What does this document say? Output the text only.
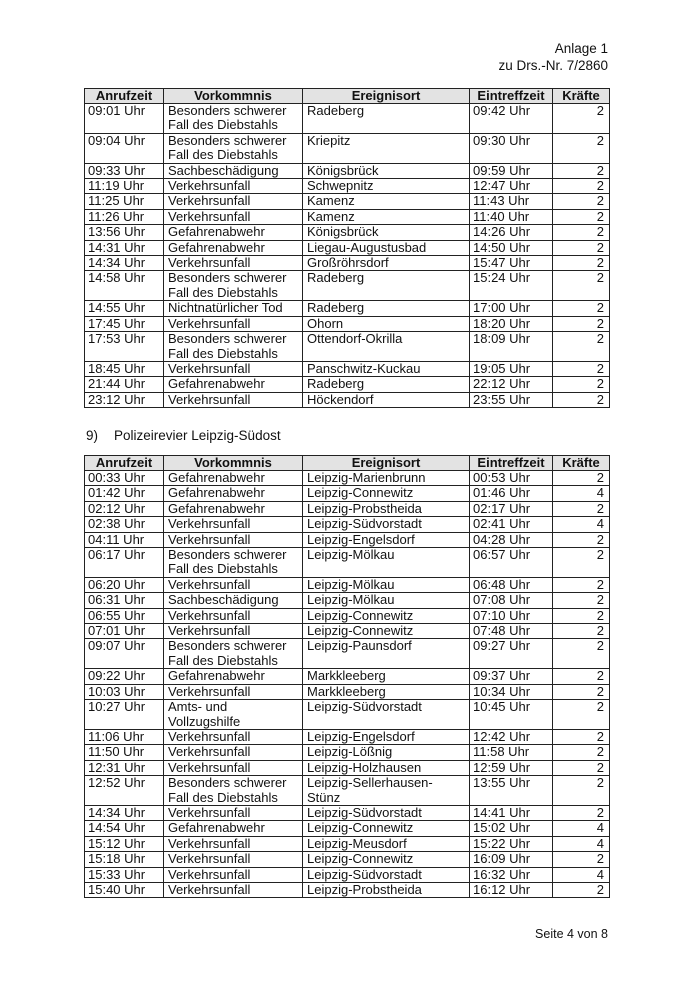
Anlage 1
zu Drs.-Nr. 7/2860
Anrufzeit	Vorkommnis	Ereignisort	Eintreffzeit	Kräfte
09:01 Uhr	Besonders schwerer Fall des Diebstahls	Radeberg	09:42 Uhr	2
09:04 Uhr	Besonders schwerer Fall des Diebstahls	Kriepitz	09:30 Uhr	2
09:33 Uhr	Sachbeschädigung	Königsbrück	09:59 Uhr	2
11:19 Uhr	Verkehrsunfall	Schwepnitz	12:47 Uhr	2
11:25 Uhr	Verkehrsunfall	Kamenz	11:43 Uhr	2
11:26 Uhr	Verkehrsunfall	Kamenz	11:40 Uhr	2
13:56 Uhr	Gefahrenabwehr	Königsbrück	14:26 Uhr	2
14:31 Uhr	Gefahrenabwehr	Liegau-Augustusbad	14:50 Uhr	2
14:34 Uhr	Verkehrsunfall	Großröhrsdorf	15:47 Uhr	2
14:58 Uhr	Besonders schwerer Fall des Diebstahls	Radeberg	15:24 Uhr	2
14:55 Uhr	Nichtnatürlicher Tod	Radeberg	17:00 Uhr	2
17:45 Uhr	Verkehrsunfall	Ohorn	18:20 Uhr	2
17:53 Uhr	Besonders schwerer Fall des Diebstahls	Ottendorf-Okrilla	18:09 Uhr	2
18:45 Uhr	Verkehrsunfall	Panschwitz-Kuckau	19:05 Uhr	2
21:44 Uhr	Gefahrenabwehr	Radeberg	22:12 Uhr	2
23:12 Uhr	Verkehrsunfall	Höckendorf	23:55 Uhr	2
9) Polizeirevier Leipzig-Südost
Anrufzeit	Vorkommnis	Ereignisort	Eintreffzeit	Kräfte
00:33 Uhr	Gefahrenabwehr	Leipzig-Marienbrunn	00:53 Uhr	2
01:42 Uhr	Gefahrenabwehr	Leipzig-Connewitz	01:46 Uhr	4
02:12 Uhr	Gefahrenabwehr	Leipzig-Probstheida	02:17 Uhr	2
02:38 Uhr	Verkehrsunfall	Leipzig-Südvorstadt	02:41 Uhr	4
04:11 Uhr	Verkehrsunfall	Leipzig-Engelsdorf	04:28 Uhr	2
06:17 Uhr	Besonders schwerer Fall des Diebstahls	Leipzig-Mölkau	06:57 Uhr	2
06:20 Uhr	Verkehrsunfall	Leipzig-Mölkau	06:48 Uhr	2
06:31 Uhr	Sachbeschädigung	Leipzig-Mölkau	07:08 Uhr	2
06:55 Uhr	Verkehrsunfall	Leipzig-Connewitz	07:10 Uhr	2
07:01 Uhr	Verkehrsunfall	Leipzig-Connewitz	07:48 Uhr	2
09:07 Uhr	Besonders schwerer Fall des Diebstahls	Leipzig-Paunsdorf	09:27 Uhr	2
09:22 Uhr	Gefahrenabwehr	Markkleeberg	09:37 Uhr	2
10:03 Uhr	Verkehrsunfall	Markkleeberg	10:34 Uhr	2
10:27 Uhr	Amts- und Vollzugshilfe	Leipzig-Südvorstadt	10:45 Uhr	2
11:06 Uhr	Verkehrsunfall	Leipzig-Engelsdorf	12:42 Uhr	2
11:50 Uhr	Verkehrsunfall	Leipzig-Lößnig	11:58 Uhr	2
12:31 Uhr	Verkehrsunfall	Leipzig-Holzhausen	12:59 Uhr	2
12:52 Uhr	Besonders schwerer Fall des Diebstahls	Leipzig-Sellerhausen-Stünz	13:55 Uhr	2
14:34 Uhr	Verkehrsunfall	Leipzig-Südvorstadt	14:41 Uhr	2
14:54 Uhr	Gefahrenabwehr	Leipzig-Connewitz	15:02 Uhr	4
15:12 Uhr	Verkehrsunfall	Leipzig-Meusdorf	15:22 Uhr	4
15:18 Uhr	Verkehrsunfall	Leipzig-Connewitz	16:09 Uhr	2
15:33 Uhr	Verkehrsunfall	Leipzig-Südvorstadt	16:32 Uhr	4
15:40 Uhr	Verkehrsunfall	Leipzig-Probstheida	16:12 Uhr	2
Seite 4 von 8
